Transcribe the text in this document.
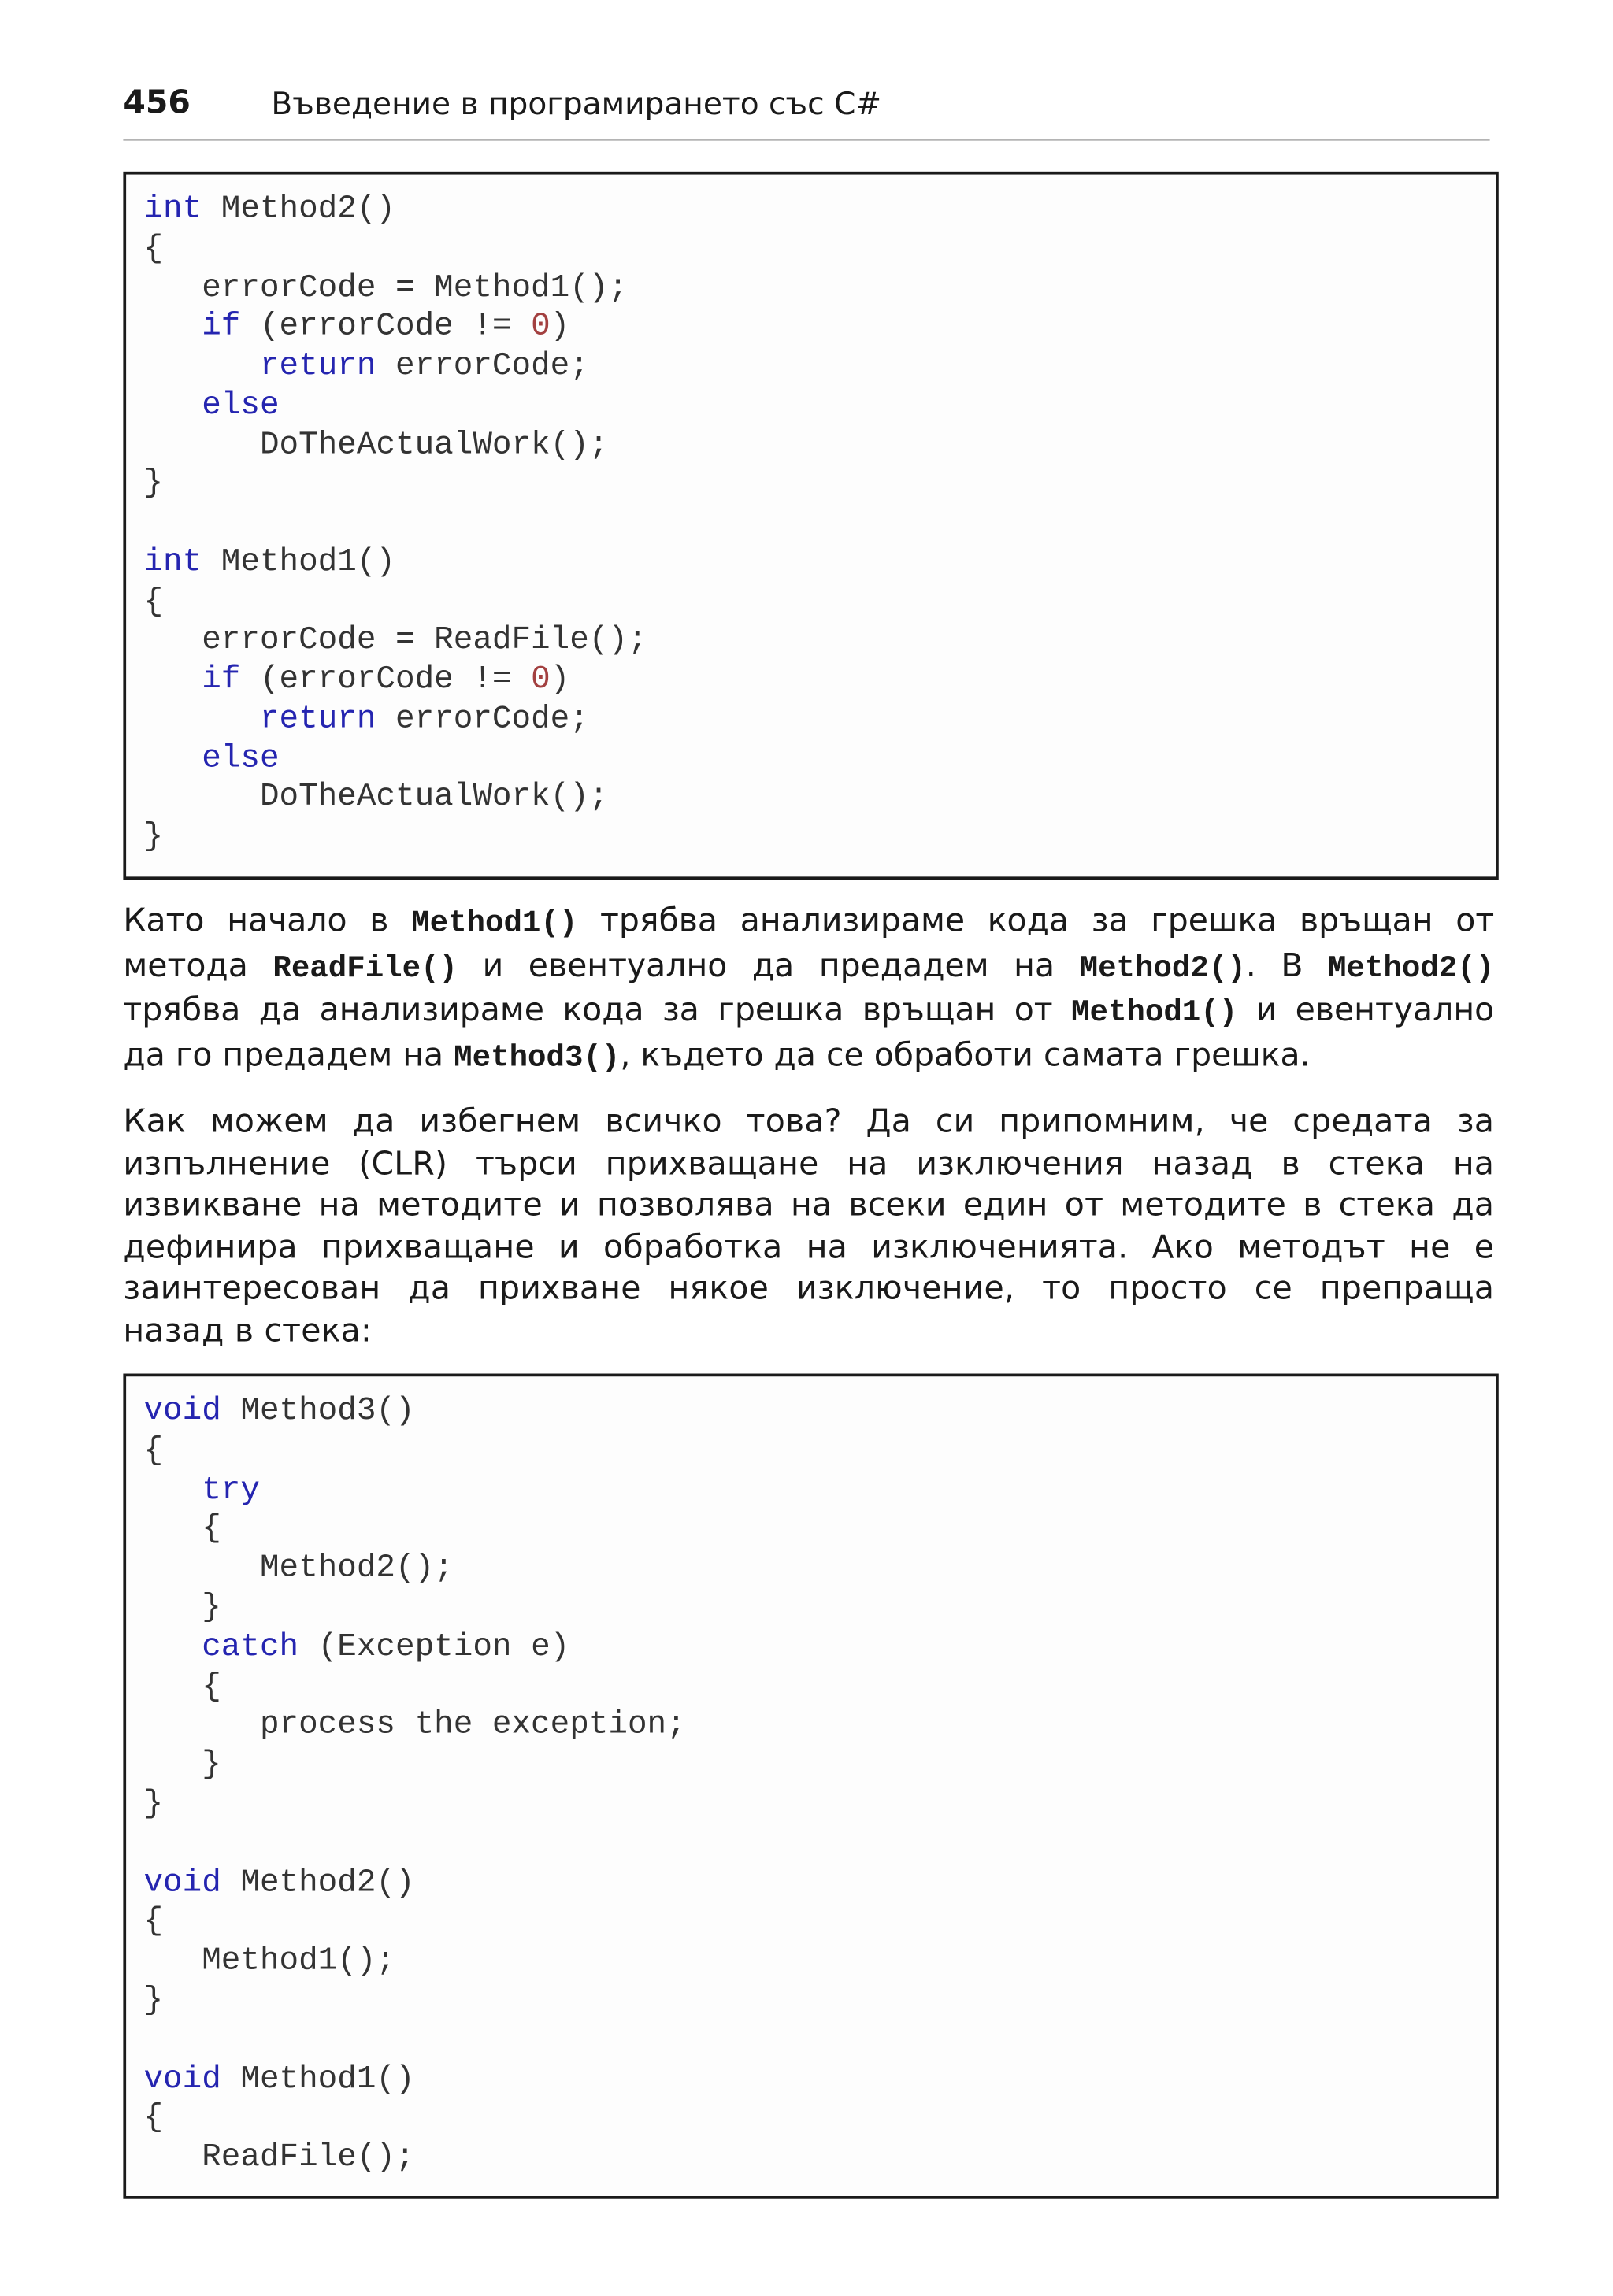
456	Въведение в програмирането със C#
int Method2()
{
errorCode = Method1();
if (errorCode != 0)
return errorCode;
else
DoTheActualWork();
}
int Method1()
{
errorCode = ReadFile();
if (errorCode != 0)
return errorCode;
else
DoTheActualWork();
}
Като начало в Method1() трябва анализираме кода за грешка връщан от
метода ReadFile() и евентуално да предадем на Method2(). В Method2()
трябва да анализираме кода за грешка връщан от Method1() и евентуално
да го предадем на Method3(), където да се обработи самата грешка.
Как можем да избегнем всичко това? Да си припомним, че средата за
изпълнение (CLR) търси прихващане на изключения назад в стека на
извикване на методите и позволява на всеки един от методите в стека да
дефинира прихващане и обработка на изключенията. Ако методът не е
заинтересован да прихване някое изключение, то просто се препраща
назад в стека:
void Method3()
{
try
{
Method2();
}
catch (Exception e)
{
process the exception;
}
}
void Method2()
{
Method1();
}
void Method1()
{
ReadFile();
